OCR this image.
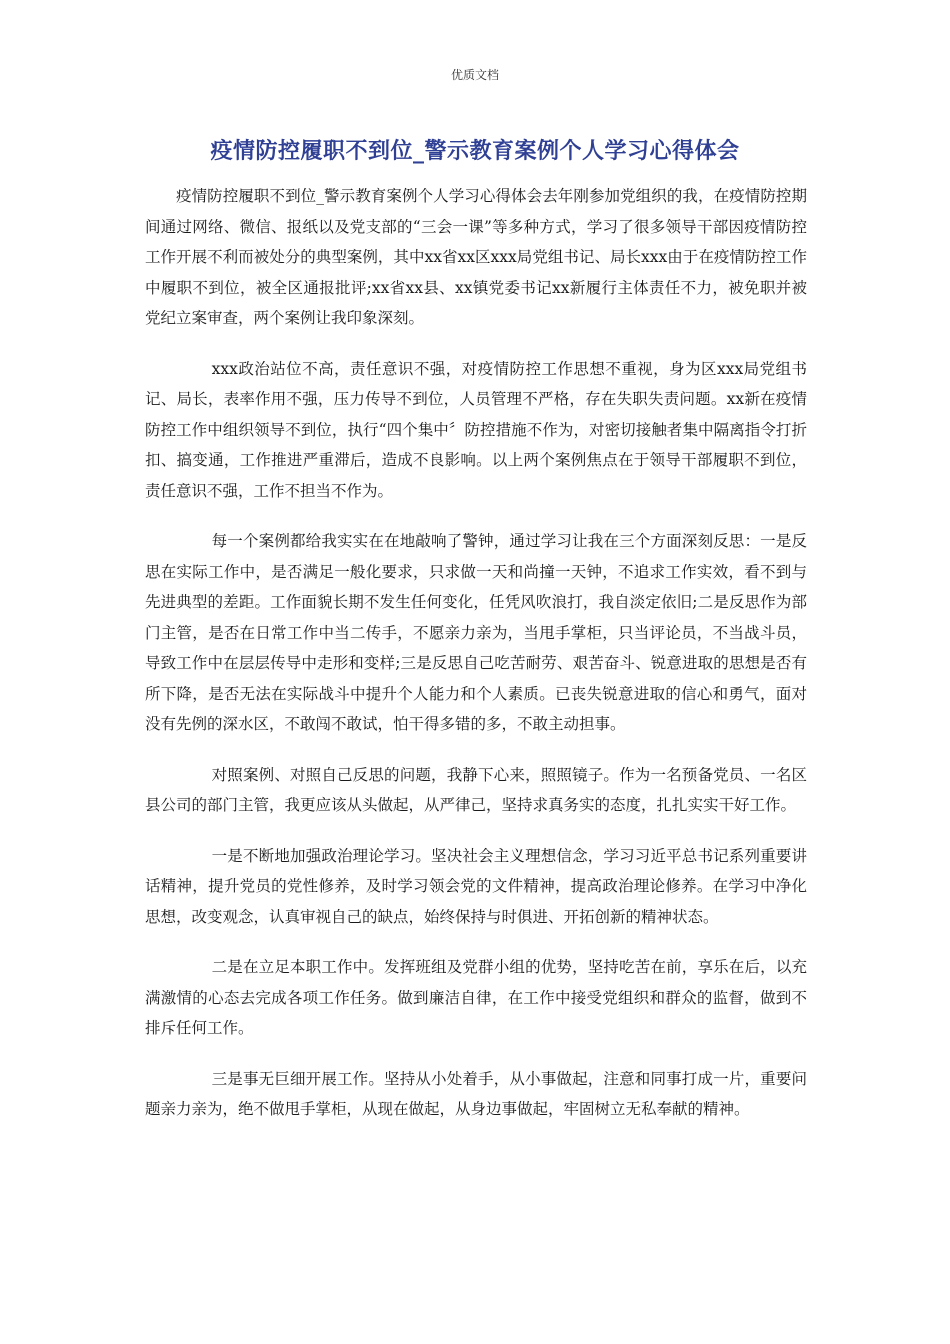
优质文档
疫情防控履职不到位_警示教育案例个人学习心得体会

疫情防控履职不到位_警示教育案例个人学习心得体会去年刚参加党组织的我，在疫情防控期间通过网络、微信、报纸以及党支部的“三会一课”等多种方式，学习了很多领导干部因疫情防控工作开展不利而被处分的典型案例，其中xx省xx区xxx局党组书记、局长xxx由于在疫情防控工作中履职不到位，被全区通报批评;xx省xx县、xx镇党委书记xx新履行主体责任不力，被免职并被党纪立案审查，两个案例让我印象深刻。

xxx政治站位不高，责任意识不强，对疫情防控工作思想不重视，身为区xxx局党组书记、局长，表率作用不强，压力传导不到位，人员管理不严格，存在失职失责问题。xx新在疫情防控工作中组织领导不到位，执行“四个集中〞防控措施不作为，对密切接触者集中隔离指令打折扣、搞变通，工作推进严重滞后，造成不良影响。以上两个案例焦点在于领导干部履职不到位，责任意识不强，工作不担当不作为。

每一个案例都给我实实在在地敲响了警钟，通过学习让我在三个方面深刻反思：一是反思在实际工作中，是否满足一般化要求，只求做一天和尚撞一天钟，不追求工作实效，看不到与先进典型的差距。工作面貌长期不发生任何变化，任凭风吹浪打，我自淡定依旧;二是反思作为部门主管，是否在日常工作中当二传手，不愿亲力亲为，当甩手掌柜，只当评论员，不当战斗员，导致工作中在层层传导中走形和变样;三是反思自己吃苦耐劳、艰苦奋斗、锐意进取的思想是否有所下降，是否无法在实际战斗中提升个人能力和个人素质。已丧失锐意进取的信心和勇气，面对没有先例的深水区，不敢闯不敢试，怕干得多错的多，不敢主动担事。

对照案例、对照自己反思的问题，我静下心来，照照镜子。作为一名预备党员、一名区县公司的部门主管，我更应该从头做起，从严律己，坚持求真务实的态度，扎扎实实干好工作。

一是不断地加强政治理论学习。坚决社会主义理想信念，学习习近平总书记系列重要讲话精神，提升党员的党性修养，及时学习领会党的文件精神，提高政治理论修养。在学习中净化思想，改变观念，认真审视自己的缺点，始终保持与时俱进、开拓创新的精神状态。

二是在立足本职工作中。发挥班组及党群小组的优势，坚持吃苦在前，享乐在后，以充满激情的心态去完成各项工作任务。做到廉洁自律，在工作中接受党组织和群众的监督，做到不排斥任何工作。

三是事无巨细开展工作。坚持从小处着手，从小事做起，注意和同事打成一片，重要问题亲力亲为，绝不做甩手掌柜，从现在做起，从身边事做起，牢固树立无私奉献的精神。
